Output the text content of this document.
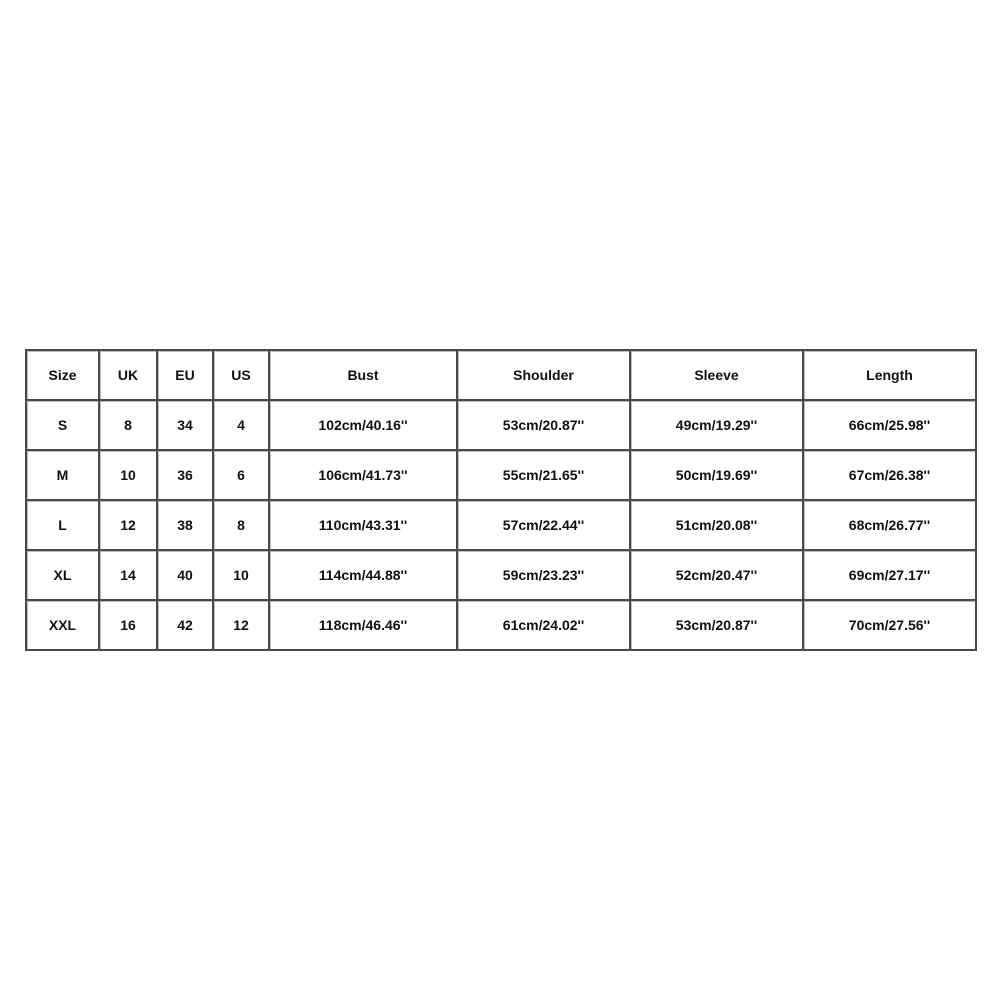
Size	UK	EU	US	Bust	Shoulder	Sleeve	Length
S	8	34	4	102cm/40.16''	53cm/20.87''	49cm/19.29''	66cm/25.98''
M	10	36	6	106cm/41.73''	55cm/21.65''	50cm/19.69''	67cm/26.38''
L	12	38	8	110cm/43.31''	57cm/22.44''	51cm/20.08''	68cm/26.77''
XL	14	40	10	114cm/44.88''	59cm/23.23''	52cm/20.47''	69cm/27.17''
XXL	16	42	12	118cm/46.46''	61cm/24.02''	53cm/20.87''	70cm/27.56''
